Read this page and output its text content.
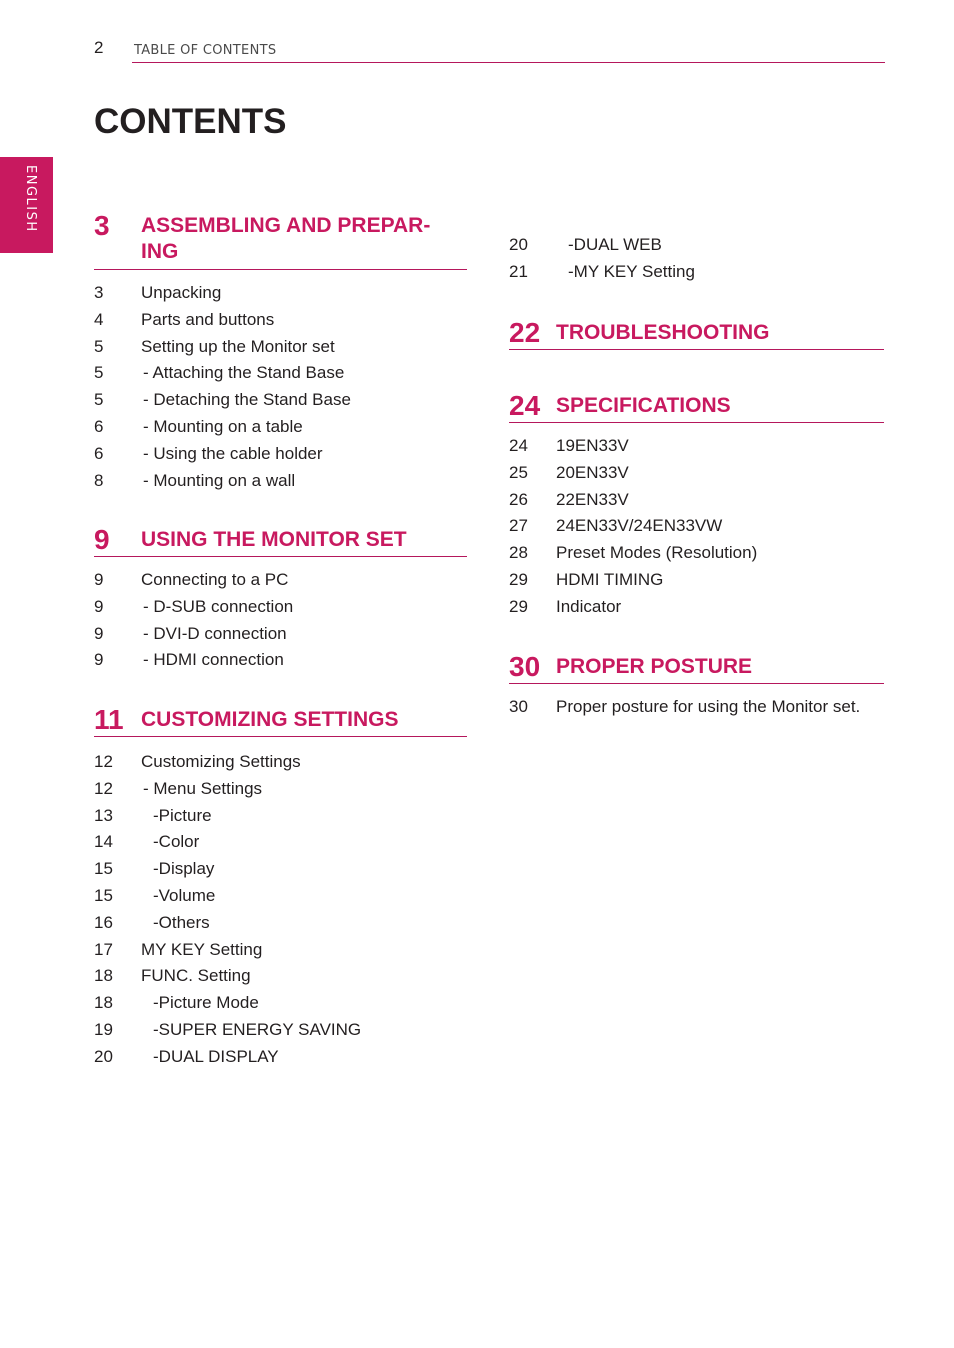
2 TABLE OF CONTENTS
CONTENTS
ENGLISH 3 ASSEMBLING AND PREPAR-
ING
3 Unpacking
4 Parts and buttons
5 Setting up the Monitor set
5 - Attaching the Stand Base
5 - Detaching the Stand Base
6 - Mounting on a table
6 - Using the cable holder
8 - Mounting on a wall
9 USING THE MONITOR SET
9 Connecting to a PC
9 - D-SUB connection
9 - DVI-D connection
9 - HDMI connection
11 CUSTOMIZING SETTINGS
12 Customizing Settings
12 - Menu Settings
13 -Picture
14 -Color
15 -Display
15 -Volume
16 -Others
17 MY KEY Setting
18 FUNC. Setting
18 -Picture Mode
19 -SUPER ENERGY SAVING
20 -DUAL DISPLAY
20 -DUAL WEB
21 -MY KEY Setting
22 TROUBLESHOOTING
24 SPECIFICATIONS
24 19EN33V
25 20EN33V
26 22EN33V
27 24EN33V/24EN33VW
28 Preset Modes (Resolution)
29 HDMI TIMING
29 Indicator
30 PROPER POSTURE
30 Proper posture for using the Monitor set.
